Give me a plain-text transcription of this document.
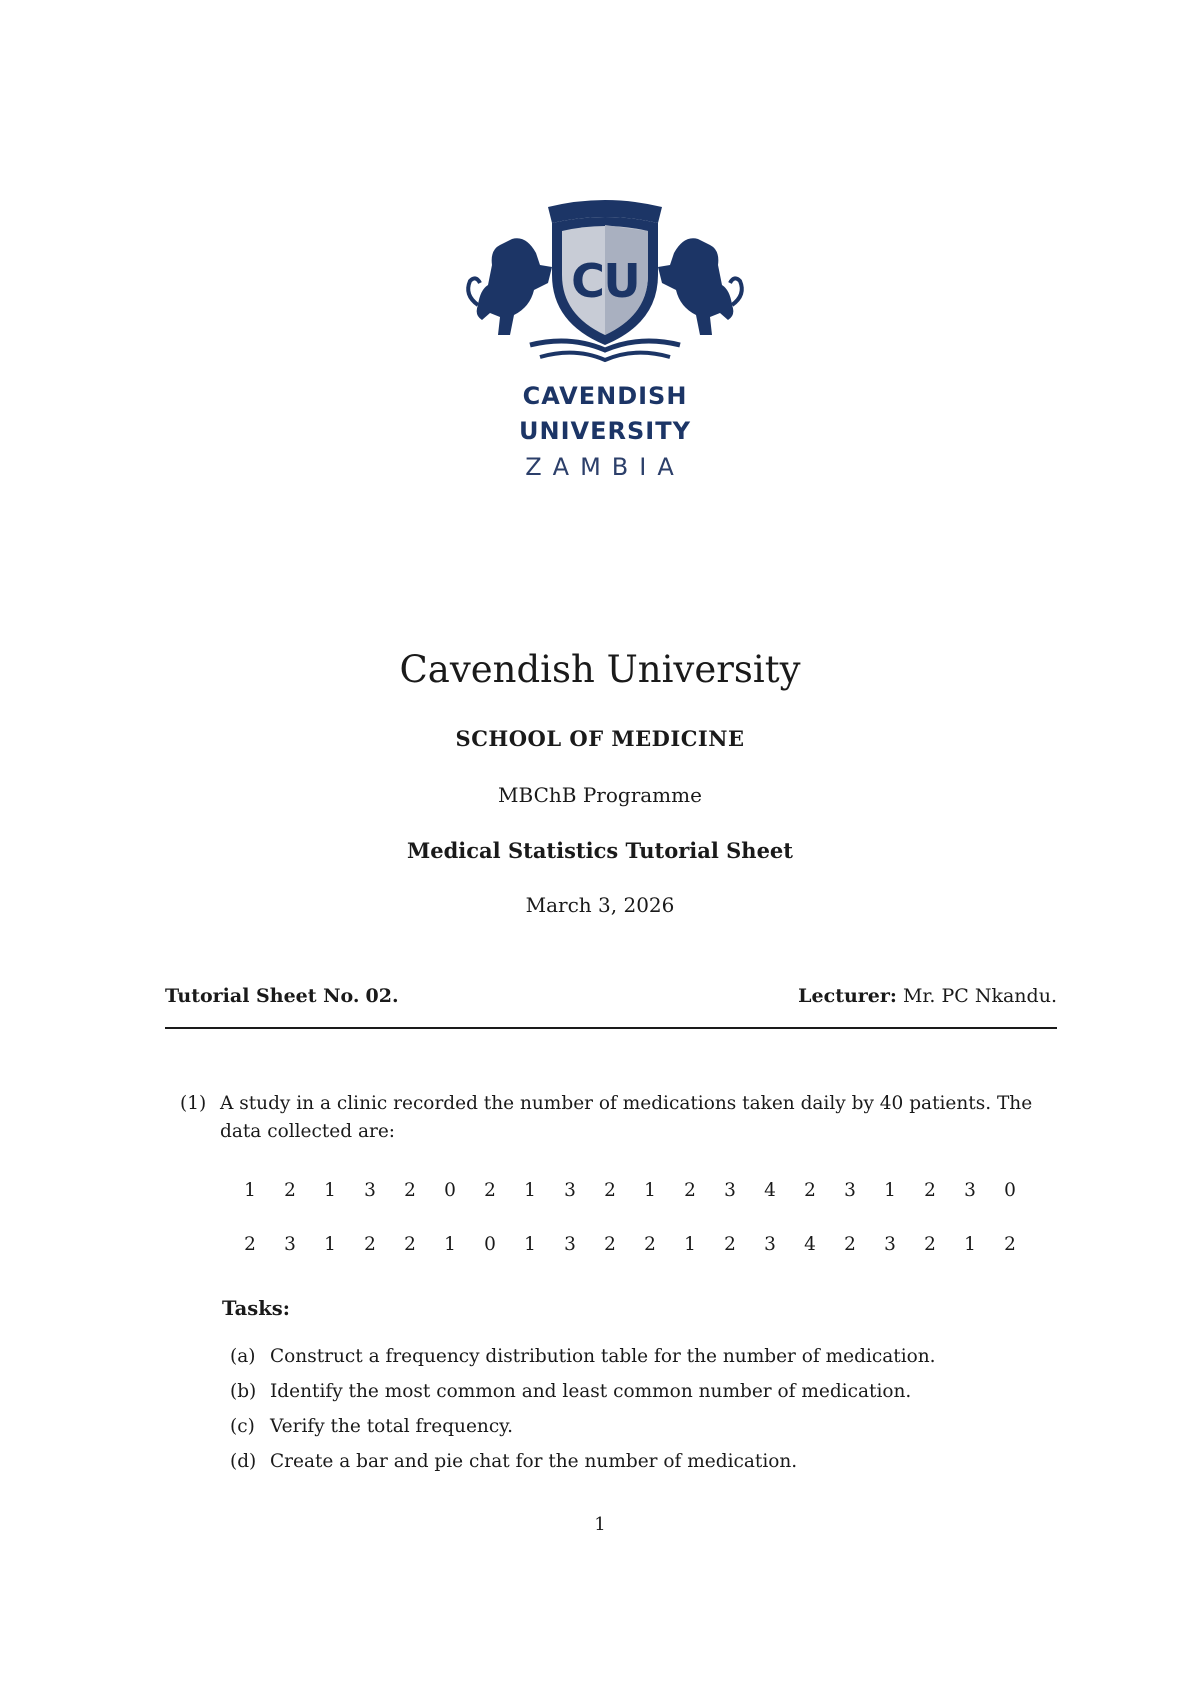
C
U
CAVENDISH
UNIVERSITY
ZAMBIA
Cavendish University
SCHOOL OF MEDICINE
MBChB Programme
Medical Statistics Tutorial Sheet
March 3, 2026
Tutorial Sheet No. 02.	Lecturer: Mr. PC Nkandu.
(1) A study in a clinic recorded the number of medications taken daily by 40 patients. The data collected are:
1	2	1	3	2	0	2	1	3	2	1	2	3	4	2	3	1	2	3	0
2	3	1	2	2	1	0	1	3	2	2	1	2	3	4	2	3	2	1	2
Tasks:
(a) Construct a frequency distribution table for the number of medication.
(b) Identify the most common and least common number of medication.
(c) Verify the total frequency.
(d) Create a bar and pie chat for the number of medication.
1
